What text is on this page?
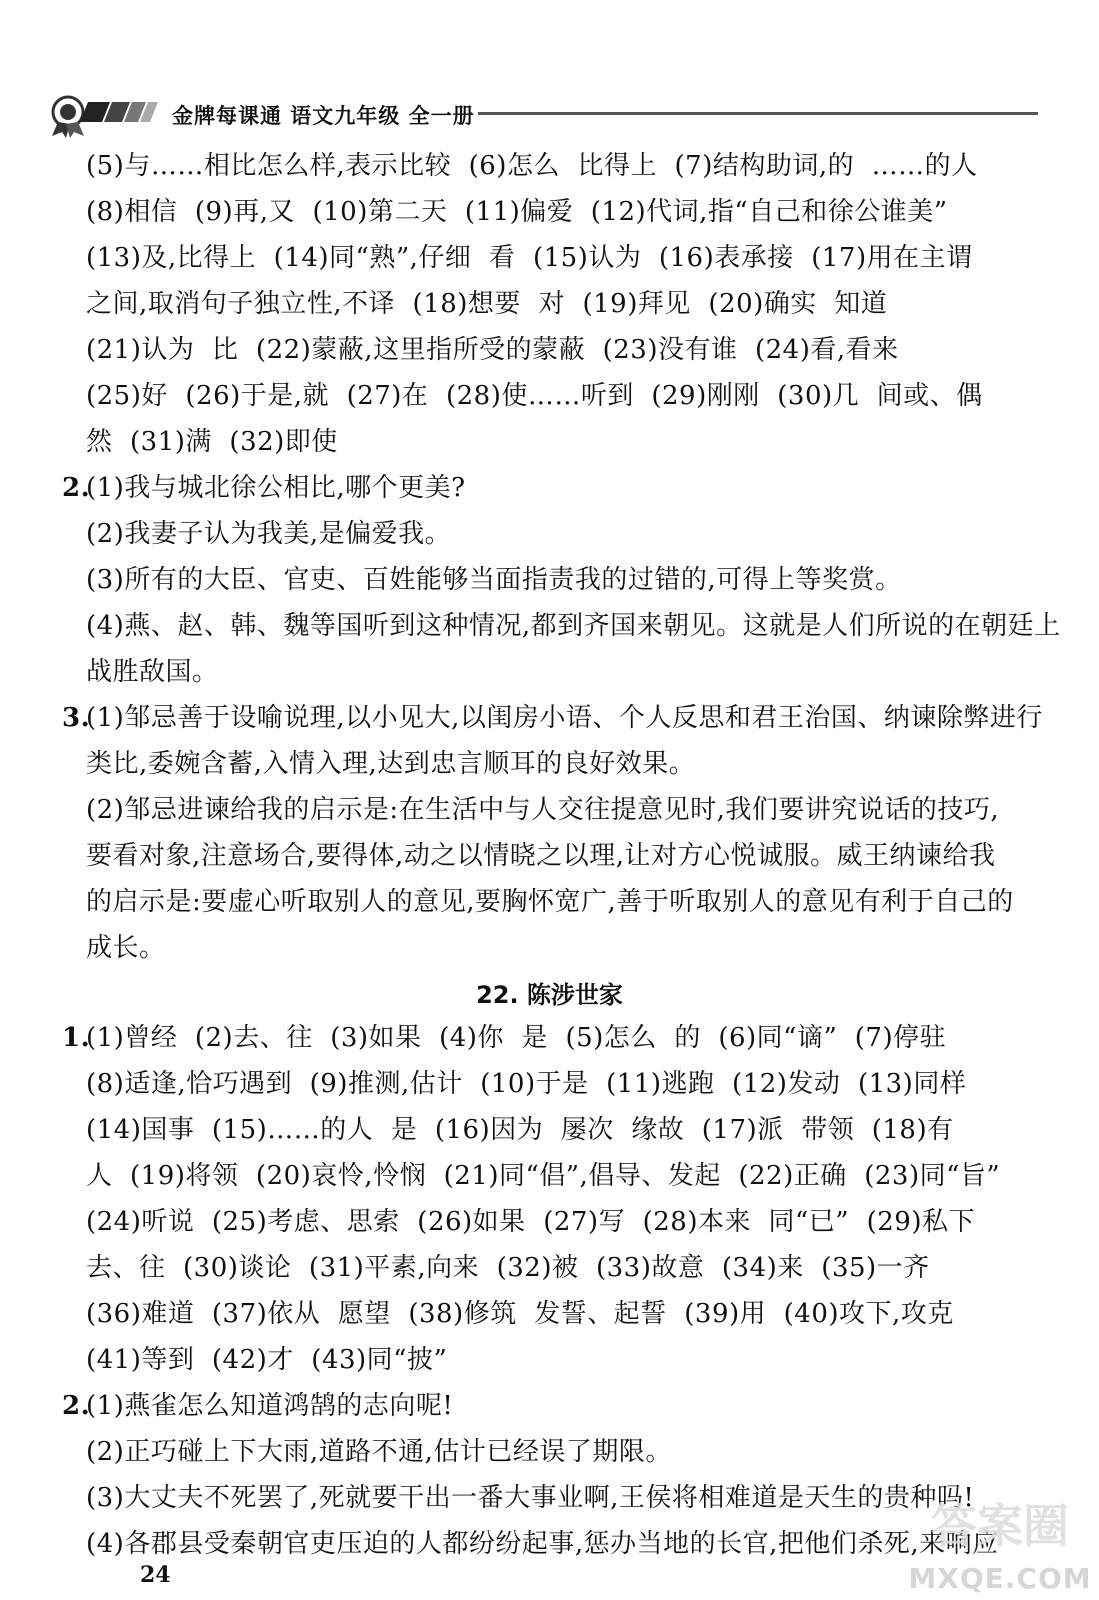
金牌每课通 语文九年级 全一册
(5)与……相比怎么样,表示比较  (6)怎么  比得上  (7)结构助词,的  ……的人
(8)相信  (9)再,又  (10)第二天  (11)偏爱  (12)代词,指“自己和徐公谁美”
(13)及,比得上  (14)同“熟”,仔细  看  (15)认为  (16)表承接  (17)用在主谓
之间,取消句子独立性,不译  (18)想要  对  (19)拜见  (20)确实  知道
(21)认为  比  (22)蒙蔽,这里指所受的蒙蔽  (23)没有谁  (24)看,看来
(25)好  (26)于是,就  (27)在  (28)使……听到  (29)刚刚  (30)几  间或、偶
然  (31)满  (32)即使
2.
(1)我与城北徐公相比,哪个更美?
(2)我妻子认为我美,是偏爱我。
(3)所有的大臣、官吏、百姓能够当面指责我的过错的,可得上等奖赏。
(4)燕、赵、韩、魏等国听到这种情况,都到齐国来朝见。这就是人们所说的在朝廷上
战胜敌国。
3.
(1)邹忌善于设喻说理,以小见大,以闺房小语、个人反思和君王治国、纳谏除弊进行
类比,委婉含蓄,入情入理,达到忠言顺耳的良好效果。
(2)邹忌进谏给我的启示是:在生活中与人交往提意见时,我们要讲究说话的技巧,
要看对象,注意场合,要得体,动之以情晓之以理,让对方心悦诚服。威王纳谏给我
的启示是:要虚心听取别人的意见,要胸怀宽广,善于听取别人的意见有利于自己的
成长。
22. 陈涉世家
1.
(1)曾经  (2)去、往  (3)如果  (4)你  是  (5)怎么  的  (6)同“谪”  (7)停驻
(8)适逢,恰巧遇到  (9)推测,估计  (10)于是  (11)逃跑  (12)发动  (13)同样
(14)国事  (15)……的人  是  (16)因为  屡次  缘故  (17)派  带领  (18)有
人  (19)将领  (20)哀怜,怜悯  (21)同“倡”,倡导、发起  (22)正确  (23)同“旨”
(24)听说  (25)考虑、思索  (26)如果  (27)写  (28)本来  同“已”  (29)私下
去、往  (30)谈论  (31)平素,向来  (32)被  (33)故意  (34)来  (35)一齐
(36)难道  (37)依从  愿望  (38)修筑  发誓、起誓  (39)用  (40)攻下,攻克
(41)等到  (42)才  (43)同“披”
2.
(1)燕雀怎么知道鸿鹄的志向呢!
(2)正巧碰上下大雨,道路不通,估计已经误了期限。
(3)大丈夫不死罢了,死就要干出一番大事业啊,王侯将相难道是天生的贵种吗!
(4)各郡县受秦朝官吏压迫的人都纷纷起事,惩办当地的长官,把他们杀死,来响应
24
答案圈
MXQE.COM
